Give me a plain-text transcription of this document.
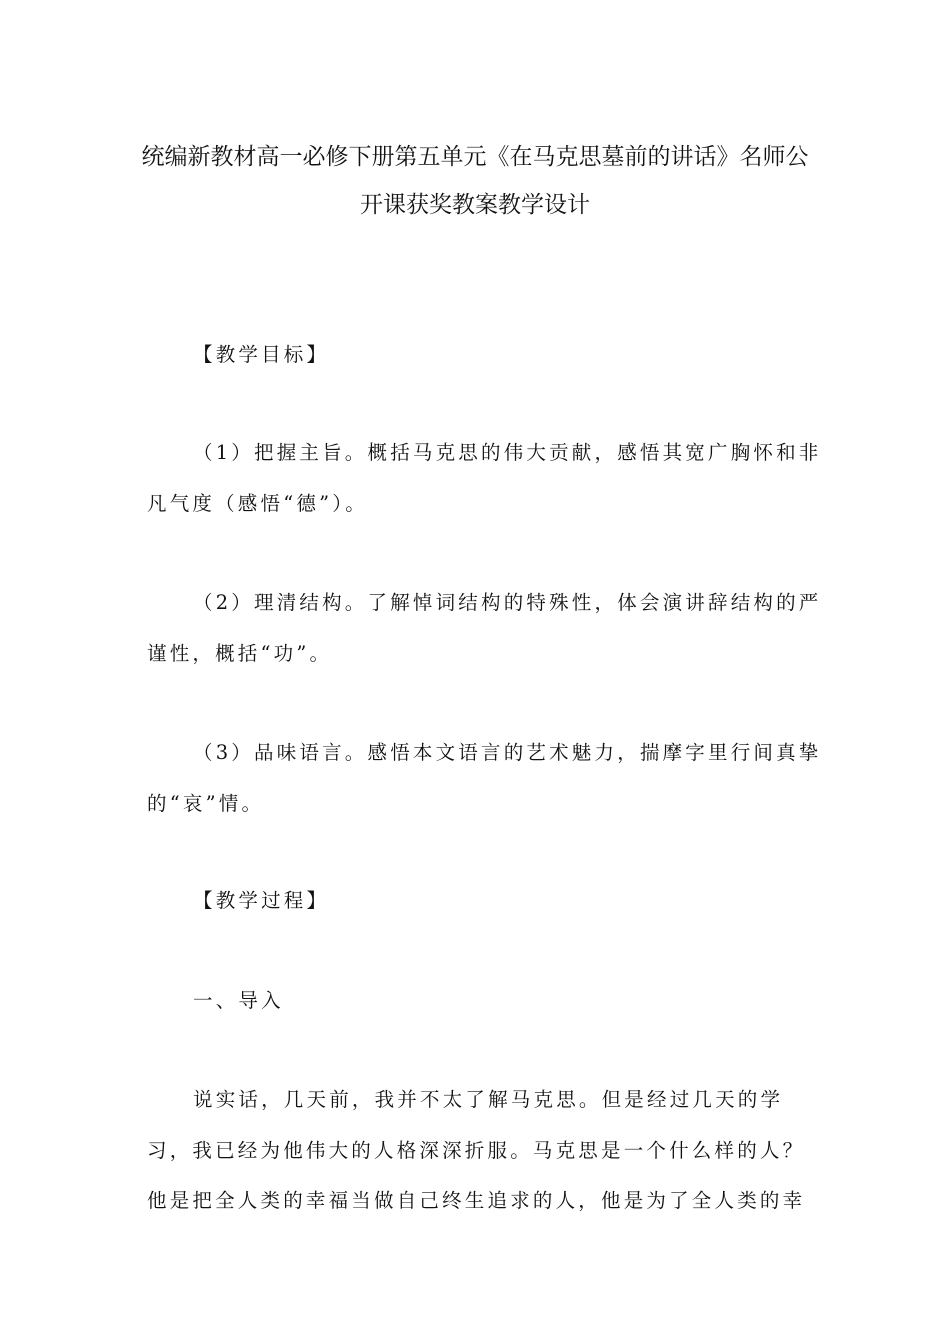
统编新教材高一必修下册第五单元《在马克思墓前的讲话》名师公
开课获奖教案教学设计
【教学目标】
（1）把握主旨。概括马克思的伟大贡献，感悟其宽广胸怀和非
凡气度（感悟“德”）。
（2）理清结构。了解悼词结构的特殊性，体会演讲辞结构的严
谨性，概括“功”。
（3）品味语言。感悟本文语言的艺术魅力，揣摩字里行间真挚
的“哀”情。
【教学过程】
一、导入
说实话，几天前，我并不太了解马克思。但是经过几天的学
习，我已经为他伟大的人格深深折服。马克思是一个什么样的人？
他是把全人类的幸福当做自己终生追求的人，他是为了全人类的幸
